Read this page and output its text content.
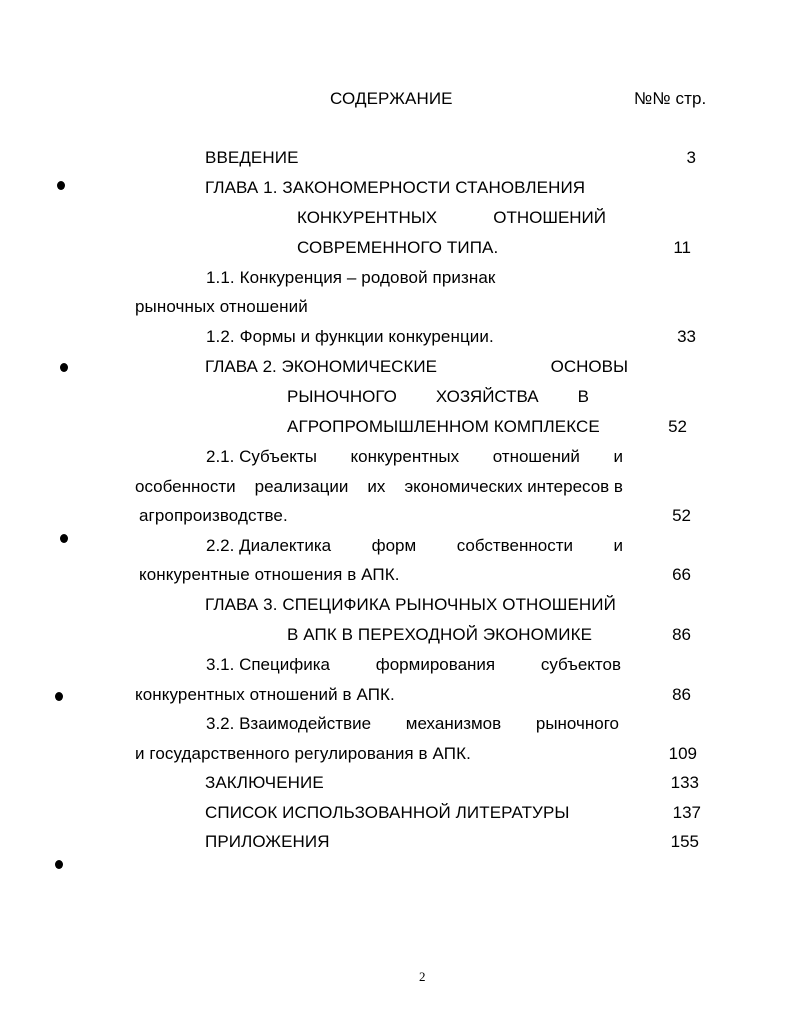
СОДЕРЖАНИЕ	№№ стр.
ВВЕДЕНИЕ	3
ГЛАВА 1. ЗАКОНОМЕРНОСТИ СТАНОВЛЕНИЯ
КОНКУРЕНТНЫХ	ОТНОШЕНИЙ
СОВРЕМЕННОГО ТИПА.	11
1.1. Конкуренция – родовой признак
рыночных отношений
1.2. Формы и функции конкуренции.	33
ГЛАВА 2. ЭКОНОМИЧЕСКИЕ	ОСНОВЫ
РЫНОЧНОГО ХОЗЯЙСТВА В
АГРОПРОМЫШЛЕННОМ КОМПЛЕКСЕ	52
2.1. Субъекты конкурентных отношений и
особенности реализации их экономических интересов в
агропроизводстве.	52
2.2. Диалектика форм собственности и
конкурентные отношения в АПК.	66
ГЛАВА 3. СПЕЦИФИКА РЫНОЧНЫХ ОТНОШЕНИЙ
В АПК В ПЕРЕХОДНОЙ ЭКОНОМИКЕ	86
3.1. Специфика	формирования	субъектов
конкурентных отношений в АПК.	86
3.2. Взаимодействие механизмов рыночного
и государственного регулирования в АПК.	109
ЗАКЛЮЧЕНИЕ	133
СПИСОК ИСПОЛЬЗОВАННОЙ ЛИТЕРАТУРЫ	137
ПРИЛОЖЕНИЯ	155
2
